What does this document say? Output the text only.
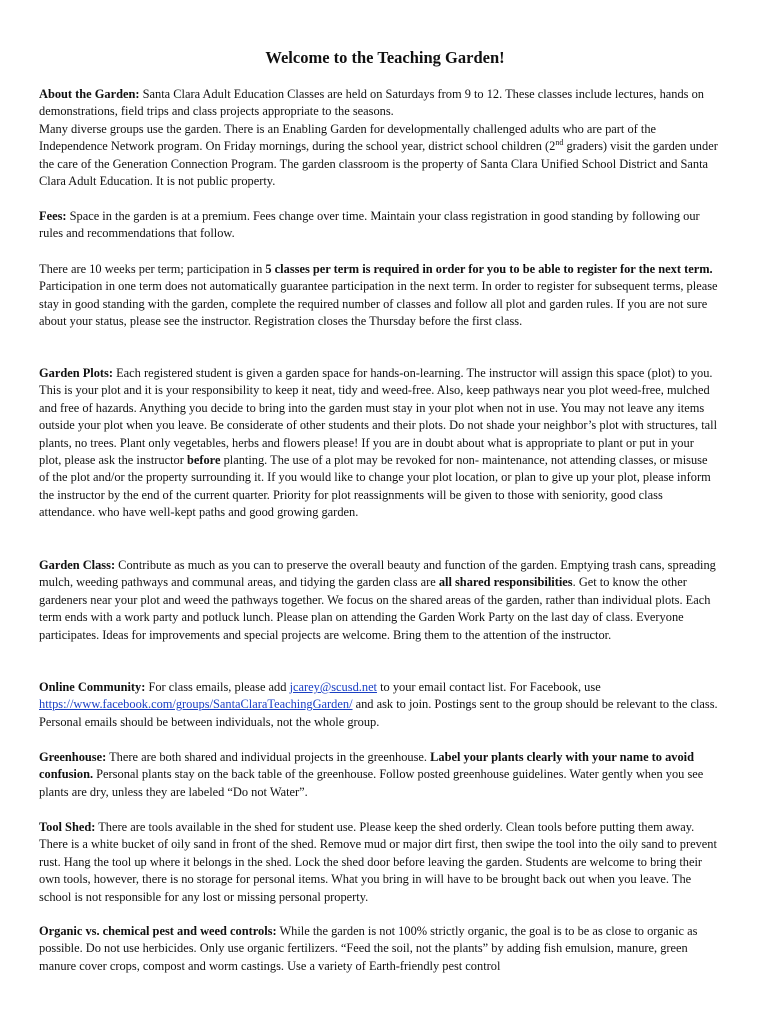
Welcome to the Teaching Garden!

About the Garden: Santa Clara Adult Education Classes are held on Saturdays from 9 to 12. These classes include lectures, hands on demonstrations, field trips and class projects appropriate to the seasons.
Many diverse groups use the garden. There is an Enabling Garden for developmentally challenged adults who are part of the Independence Network program. On Friday mornings, during the school year, district school children (2nd graders) visit the garden under the care of the Generation Connection Program. The garden classroom is the property of Santa Clara Unified School District and Santa Clara Adult Education. It is not public property.

Fees: Space in the garden is at a premium. Fees change over time. Maintain your class registration in good standing by following our rules and recommendations that follow.

There are 10 weeks per term; participation in 5 classes per term is required in order for you to be able to register for the next term. Participation in one term does not automatically guarantee participation in the next term. In order to register for subsequent terms, please stay in good standing with the garden, complete the required number of classes and follow all plot and garden rules. If you are not sure about your status, please see the instructor. Registration closes the Thursday before the first class.

Garden Plots: Each registered student is given a garden space for hands-on-learning. The instructor will assign this space (plot) to you. This is your plot and it is your responsibility to keep it neat, tidy and weed-free. Also, keep pathways near you plot weed-free, mulched and free of hazards. Anything you decide to bring into the garden must stay in your plot when not in use. You may not leave any items outside your plot when you leave. Be considerate of other students and their plots. Do not shade your neighbor’s plot with structures, tall plants, no trees. Plant only vegetables, herbs and flowers please! If you are in doubt about what is appropriate to plant or put in your plot, please ask the instructor before planting. The use of a plot may be revoked for non- maintenance, not attending classes, or misuse of the plot and/or the property surrounding it. If you would like to change your plot location, or plan to give up your plot, please inform the instructor by the end of the current quarter. Priority for plot reassignments will be given to those with seniority, good class attendance. who have well-kept paths and good growing garden.

Garden Class: Contribute as much as you can to preserve the overall beauty and function of the garden. Emptying trash cans, spreading mulch, weeding pathways and communal areas, and tidying the garden class are all shared responsibilities. Get to know the other gardeners near your plot and weed the pathways together. We focus on the shared areas of the garden, rather than individual plots. Each term ends with a work party and potluck lunch. Please plan on attending the Garden Work Party on the last day of class. Everyone participates. Ideas for improvements and special projects are welcome. Bring them to the attention of the instructor.

Online Community: For class emails, please add jcarey@scusd.net to your email contact list. For Facebook, use https://www.facebook.com/groups/SantaClaraTeachingGarden/ and ask to join. Postings sent to the group should be relevant to the class. Personal emails should be between individuals, not the whole group.

Greenhouse: There are both shared and individual projects in the greenhouse. Label your plants clearly with your name to avoid confusion. Personal plants stay on the back table of the greenhouse. Follow posted greenhouse guidelines. Water gently when you see plants are dry, unless they are labeled “Do not Water”.

Tool Shed: There are tools available in the shed for student use. Please keep the shed orderly. Clean tools before putting them away. There is a white bucket of oily sand in front of the shed. Remove mud or major dirt first, then swipe the tool into the oily sand to prevent rust. Hang the tool up where it belongs in the shed. Lock the shed door before leaving the garden. Students are welcome to bring their own tools, however, there is no storage for personal items. What you bring in will have to be brought back out when you leave. The school is not responsible for any lost or missing personal property.

Organic vs. chemical pest and weed controls: While the garden is not 100% strictly organic, the goal is to be as close to organic as possible. Do not use herbicides. Only use organic fertilizers. “Feed the soil, not the plants” by adding fish emulsion, manure, green manure cover crops, compost and worm castings. Use a variety of Earth-friendly pest control
